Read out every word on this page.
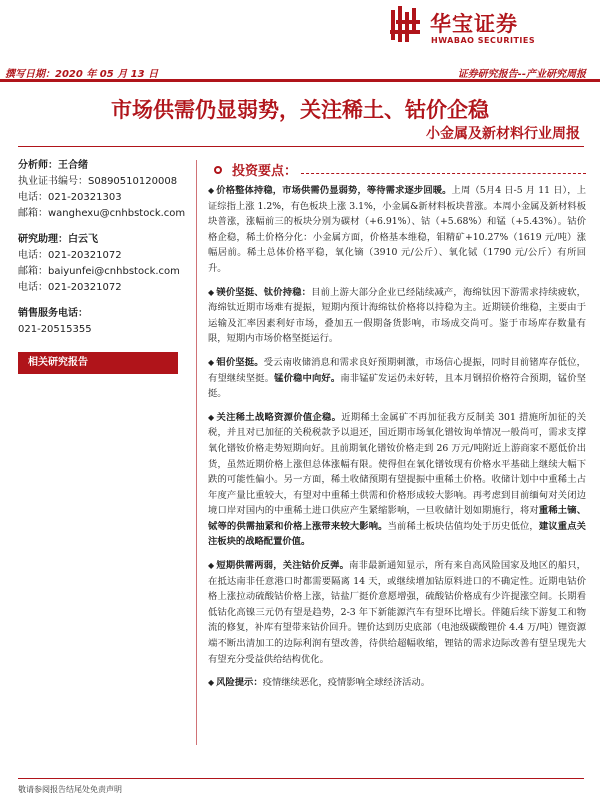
华宝证券
HWABAO SECURITIES
撰写日期：2020 年 05 月 13 日	证券研究报告--产业研究周报
市场供需仍显弱势，关注稀土、钴价企稳
小金属及新材料行业周报
分析师：王合绪
执业证书编号：S0890510120008
电话：021-20321303
邮箱：wanghexu@cnhbstock.com
研究助理：白云飞
电话：021-20321072
邮箱：baiyunfei@cnhbstock.com
电话：021-20321072
销售服务电话：
021-20515355
相关研究报告
投资要点：

◆ 价格整体持稳，市场供需仍显弱势，等待需求逐步回暖。上周（5月4 日-5 月 11 日），上证综指上涨 1.2%，有色板块上涨 3.1%，小金属&新材料板块普涨。本周小金属及新材料板块普涨，涨幅前三的板块分别为碳材（+6.91%）、钴（+5.68%）和锰（+5.43%）。钴价格企稳，稀土价格分化：小金属方面，价格基本维稳，钼精矿+10.27%（1619 元/吨）涨幅居前。稀土总体价格平稳，氧化镝（3910 元/公斤）、氧化铽（1790 元/公斤）有所回升。

◆ 镁价坚挺、钛价持稳：目前上游大部分企业已经陆续减产，海绵钛因下游需求持续疲软，海绵钛近期市场难有提振，短期内预计海绵钛价格将以持稳为主。近期镁价维稳，主要由于运输及汇率因素利好市场，叠加五一假期备货影响，市场成交尚可。鉴于市场库存数量有限，短期内市场价格坚挺运行。

◆ 钼价坚挺。受云南收储消息和需求良好预期刺激，市场信心提振，同时目前锗库存低位，有望继续坚挺。锰价稳中向好。南非锰矿发运仍未好转，且本月钢招价格符合预期，锰价坚挺。

◆ 关注稀土战略资源价值企稳。近期稀土金属矿不再加征我方反制美 301 措施所加征的关税，并且对已加征的关税税款予以退还，国近期市场氧化镨钕询单情况一般尚可，需求支撑氧化镨钕价格走势短期向好。且前期氧化镨钕价格走到 26 万元/吨附近上游商家不愿低价出货，虽然近期价格上涨但总体涨幅有限。使得但在氧化镨钕现有价格水平基础上继续大幅下跌的可能性偏小。另一方面，稀土收储预期有望提振中重稀土价格。收储计划中中重稀土占年度产量比重较大，有望对中重稀土供需和价格形成较大影响。再考虑到目前缅甸对关闭边境口岸对国内的中重稀土进口供应产生紧缩影响，一旦收储计划如期施行，将对重稀土镝、铽等的供需抽紧和价格上涨带来较大影响。当前稀土板块估值均处于历史低位，建议重点关注板块的战略配置价值。

◆ 短期供需两弱，关注钴价反弹。南非最新通知显示，所有来自高风险国家及地区的船只，在抵达南非任意港口时都需要隔离 14 天，或继续增加钴原料进口的不确定性。近期电钴价格上涨拉动硫酸钴价格上涨，钴盐厂挺价意愿增强，硫酸钴价格成有少许提涨空间。长期看低钴化高镍三元仍有望是趋势，2-3 年下新能源汽车有望环比增长。伴随后续下游复工和物流的修复，补库有望带来钴价回升。锂价达到历史底部（电池级碳酸锂价 4.4 万/吨）锂资源端不断出清加工的边际利润有望改善，待供给超幅收缩，锂钴的需求边际改善有望呈现先大有望充分受益供给结构优化。

◆ 风险提示：疫情继续恶化，疫情影响全球经济活动。

敬请参阅报告结尾处免责声明
